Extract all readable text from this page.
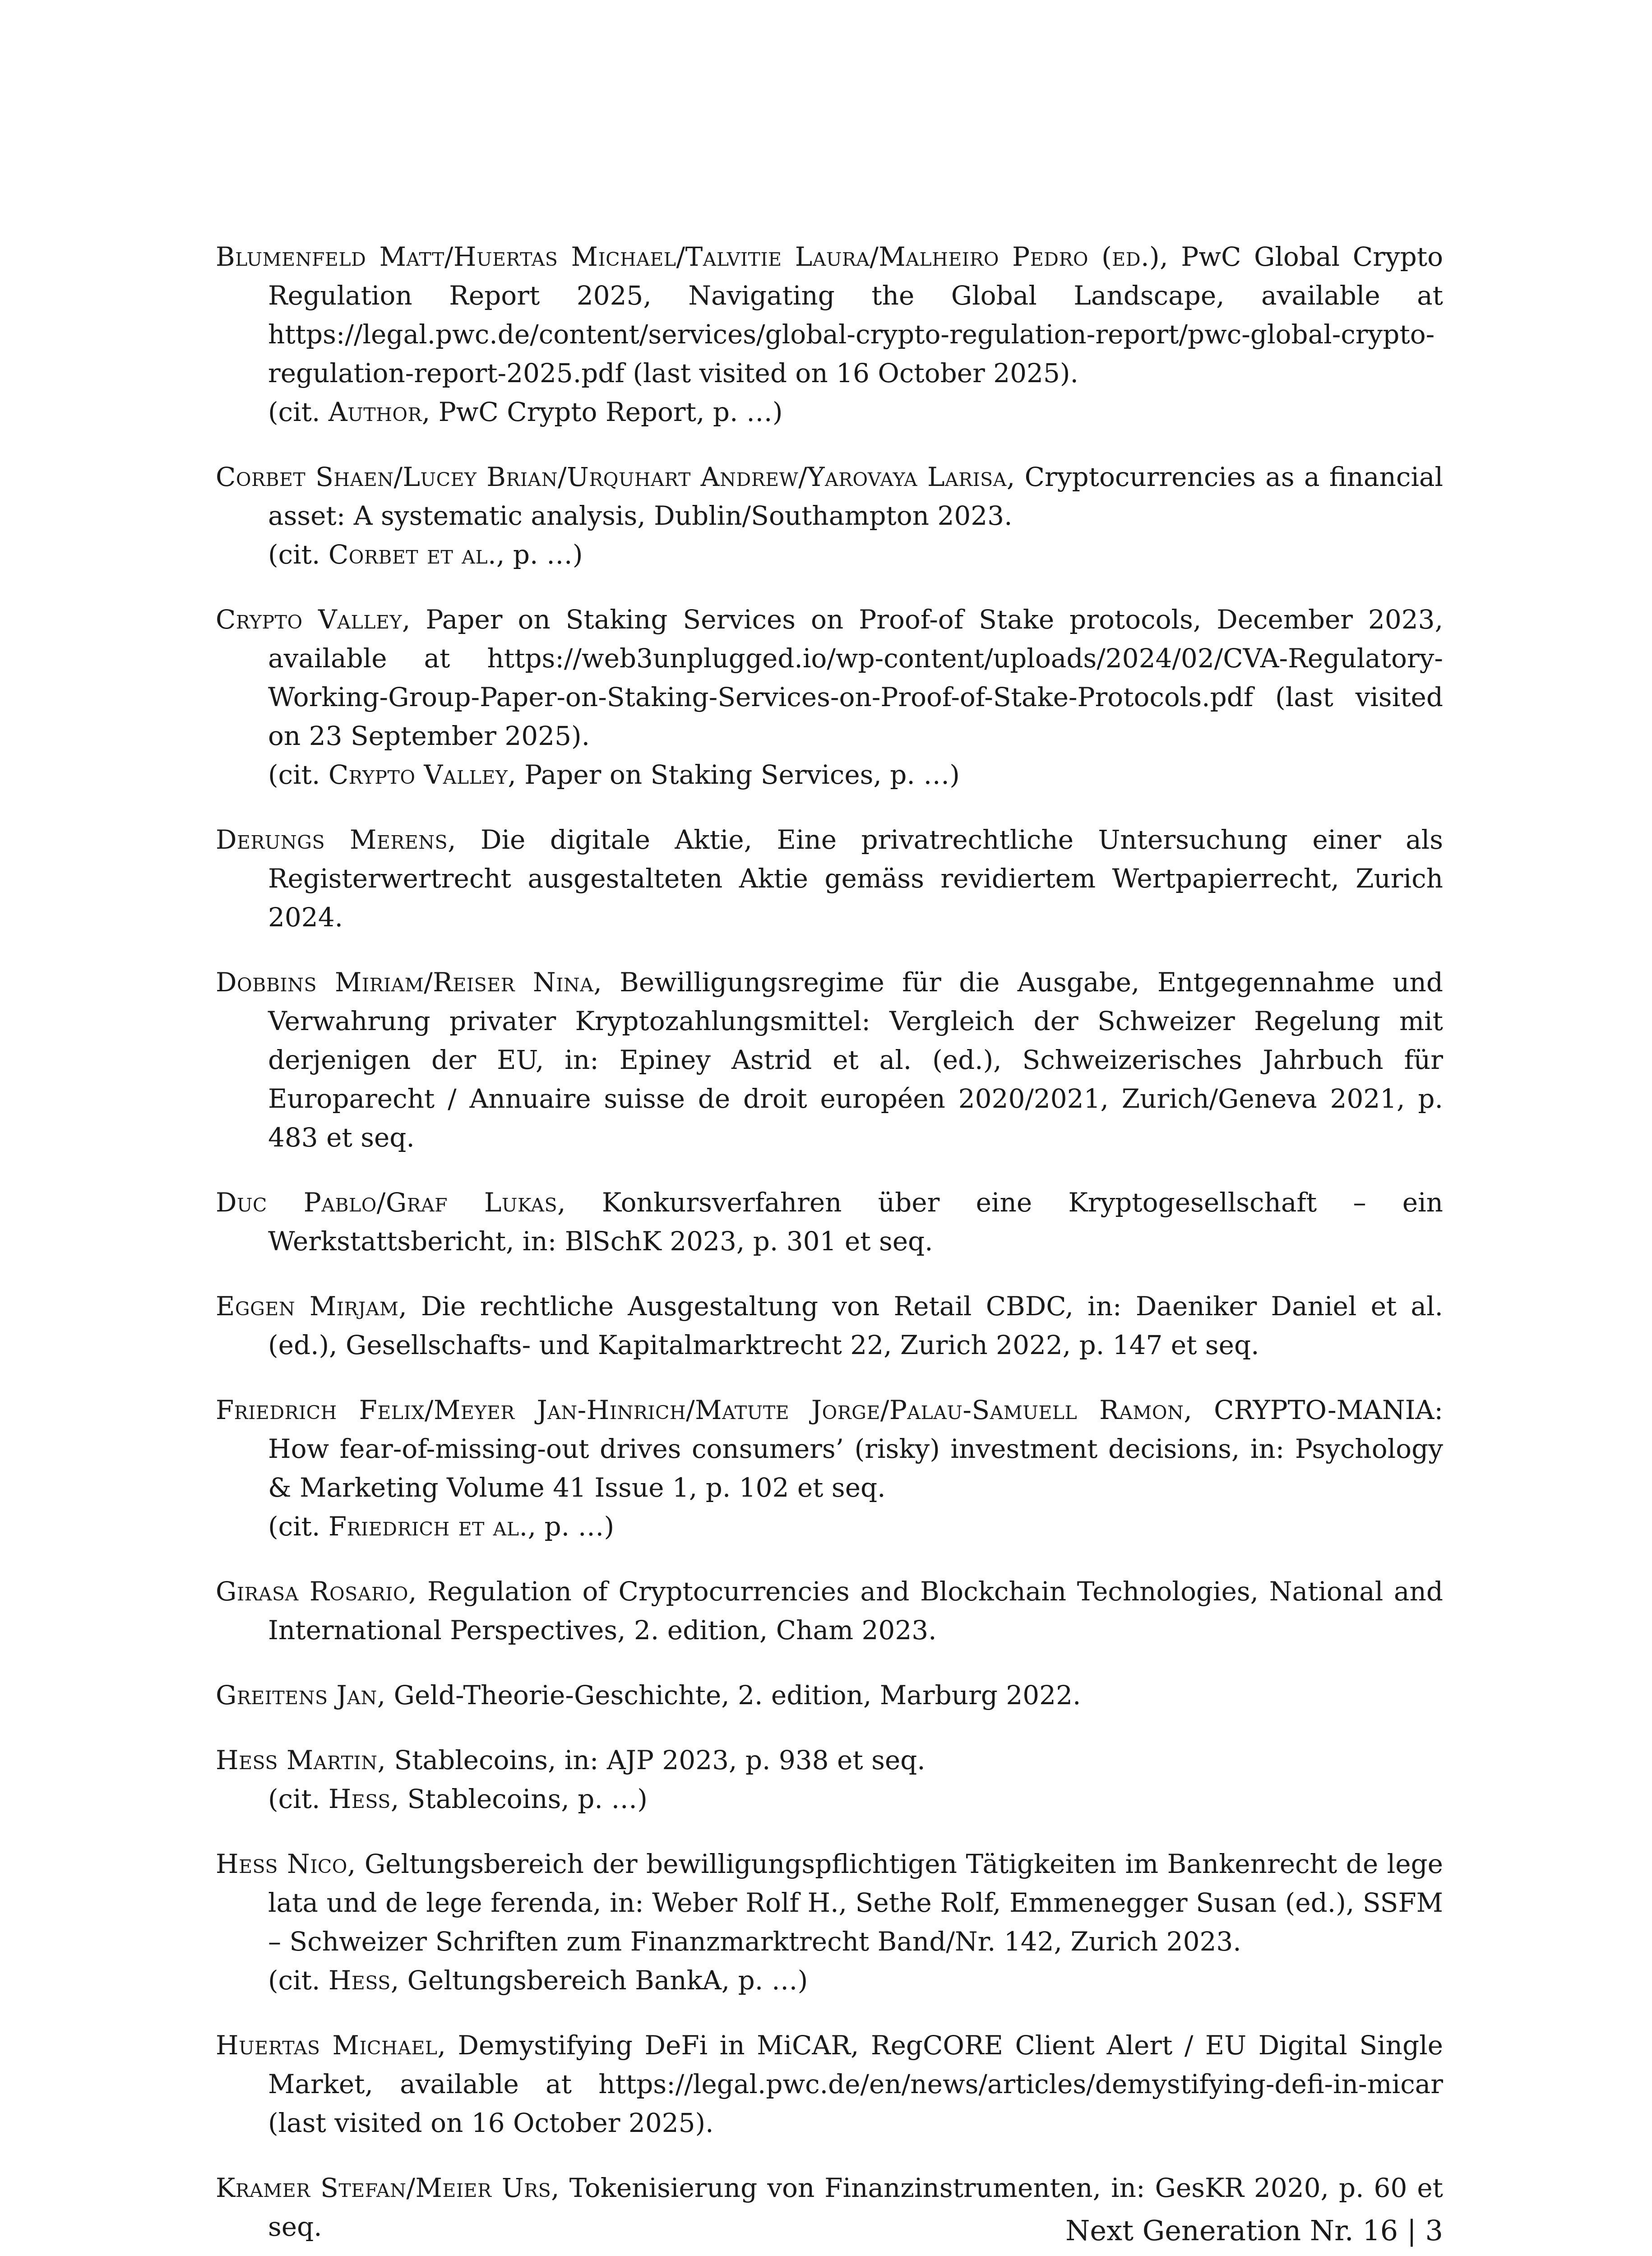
Blumenfeld Matt/Huertas Michael/Talvitie Laura/Malheiro Pedro (ed.), PwC Global Crypto Regulation Report 2025, Navigating the Global Landscape, available at https://legal.pwc.de/content/services/global-crypto-regulation-report/pwc-global-crypto-regulation-report-2025.pdf (last visited on 16 October 2025).
(cit. Author, PwC Crypto Report, p. …)

Corbet Shaen/Lucey Brian/Urquhart Andrew/Yarovaya Larisa, Cryptocurrencies as a financial asset: A systematic analysis, Dublin/Southampton 2023.
(cit. Corbet et al., p. …)

Crypto Valley, Paper on Staking Services on Proof-of Stake protocols, December 2023, available at https://web3unplugged.io/wp-content/uploads/2024/02/CVA-Regulatory-Working-Group-Paper-on-Staking-Services-on-Proof-of-Stake-Protocols.pdf (last visited on 23 September 2025).
(cit. Crypto Valley, Paper on Staking Services, p. …)

Derungs Merens, Die digitale Aktie, Eine privatrechtliche Untersuchung einer als Registerwertrecht ausgestalteten Aktie gemäss revidiertem Wertpapierrecht, Zurich 2024.

Dobbins Miriam/Reiser Nina, Bewilligungsregime für die Ausgabe, Entgegennahme und Verwahrung privater Kryptozahlungsmittel: Vergleich der Schweizer Regelung mit derjenigen der EU, in: Epiney Astrid et al. (ed.), Schweizerisches Jahrbuch für Europarecht / Annuaire suisse de droit européen 2020/2021, Zurich/Geneva 2021, p. 483 et seq.

Duc Pablo/Graf Lukas, Konkursverfahren über eine Kryptogesellschaft – ein Werkstattsbericht, in: BlSchK 2023, p. 301 et seq.

Eggen Mirjam, Die rechtliche Ausgestaltung von Retail CBDC, in: Daeniker Daniel et al. (ed.), Gesellschafts- und Kapitalmarktrecht 22, Zurich 2022, p. 147 et seq.

Friedrich Felix/Meyer Jan-Hinrich/Matute Jorge/Palau-Samuell Ramon, CRYPTO-MANIA: How fear-of-missing-out drives consumers’ (risky) investment decisions, in: Psychology & Marketing Volume 41 Issue 1, p. 102 et seq.
(cit. Friedrich et al., p. …)

Girasa Rosario, Regulation of Cryptocurrencies and Blockchain Technologies, National and International Perspectives, 2. edition, Cham 2023.

Greitens Jan, Geld-Theorie-Geschichte, 2. edition, Marburg 2022.

Hess Martin, Stablecoins, in: AJP 2023, p. 938 et seq.
(cit. Hess, Stablecoins, p. …)

Hess Nico, Geltungsbereich der bewilligungspflichtigen Tätigkeiten im Bankenrecht de lege lata und de lege ferenda, in: Weber Rolf H., Sethe Rolf, Emmenegger Susan (ed.), SSFM – Schweizer Schriften zum Finanzmarktrecht Band/Nr. 142, Zurich 2023.
(cit. Hess, Geltungsbereich BankA, p. …)

Huertas Michael, Demystifying DeFi in MiCAR, RegCORE Client Alert / EU Digital Single Market, available at https://legal.pwc.de/en/news/articles/demystifying-defi-in-micar (last visited on 16 October 2025).

Kramer Stefan/Meier Urs, Tokenisierung von Finanzinstrumenten, in: GesKR 2020, p. 60 et seq.	Next Generation Nr. 16 | 3
